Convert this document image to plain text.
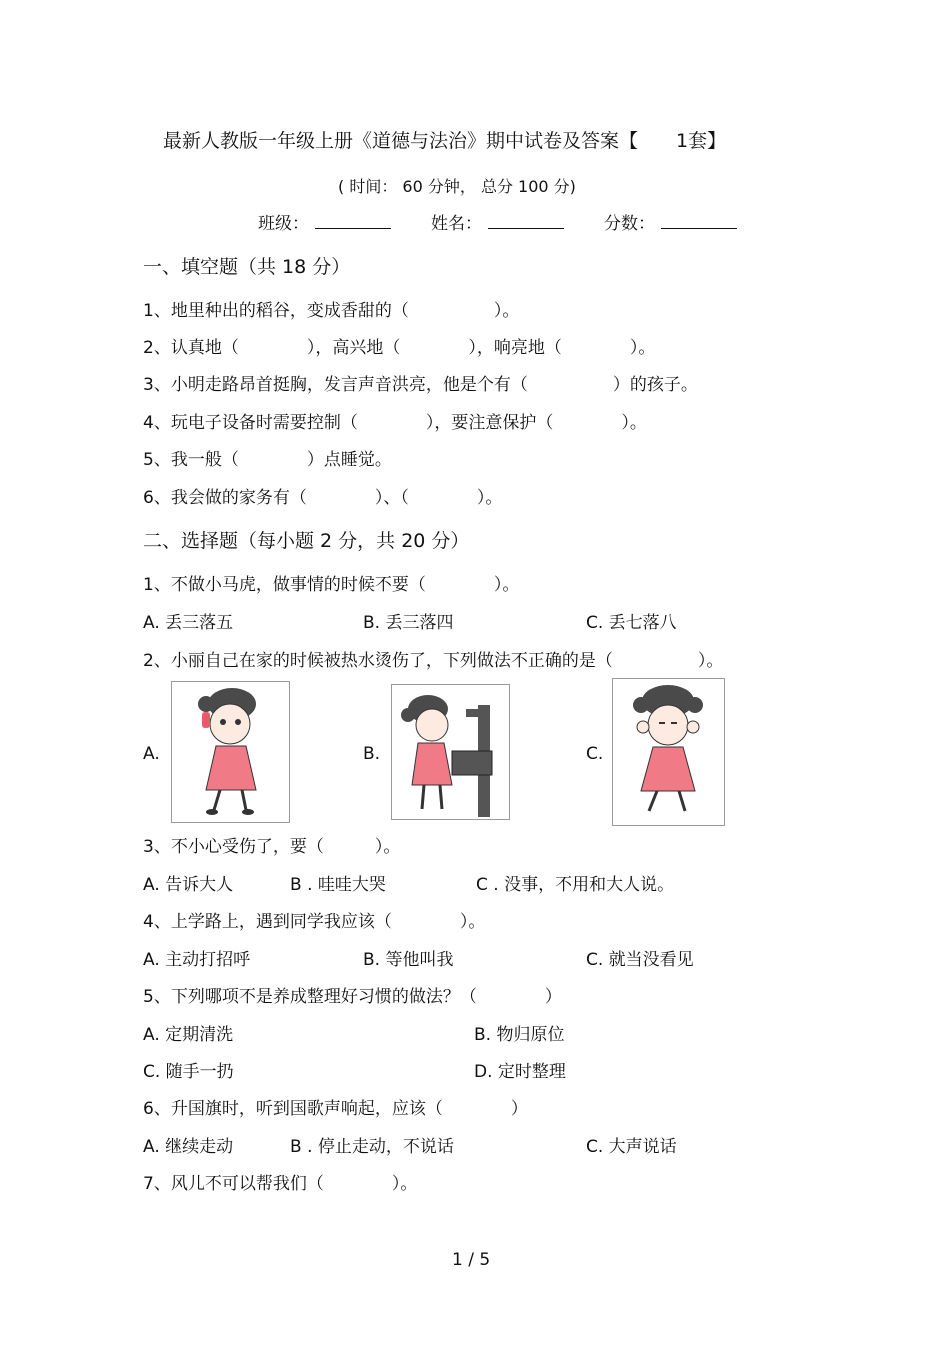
最新人教版一年级上册《道德与法治》期中试卷及答案【　　1套】
( 时间： 60 分钟， 总分 100 分)
班级：	姓名：	分数：
一、填空题（共 18 分）
1、地里种出的稻谷，变成香甜的（　　　　　）。
2、认真地（　　　　），高兴地（　　　　），响亮地（　　　　）。
3、小明走路昂首挺胸，发言声音洪亮，他是个有（　　　　　）的孩子。
4、玩电子设备时需要控制（　　　　），要注意保护（　　　　）。
5、我一般（　　　　）点睡觉。
6、我会做的家务有（　　　　）、（　　　　）。
二、选择题（每小题 2 分，共 20 分）
1、不做小马虎，做事情的时候不要（　　　　）。
A. 丢三落五	B. 丢三落四	C. 丢七落八
2、小丽自己在家的时候被热水烫伤了，下列做法不正确的是（　　　　　）。
A.	B.	C.
3、不小心受伤了，要（　　　）。
A. 告诉大人	B . 哇哇大哭	C . 没事，不用和大人说。
4、上学路上，遇到同学我应该（　　　　）。
A. 主动打招呼	B. 等他叫我	C. 就当没看见
5、下列哪项不是养成整理好习惯的做法？（　　　　）
A. 定期清洗	B. 物归原位
C. 随手一扔	D. 定时整理
6、升国旗时，听到国歌声响起，应该（　　　　）
A. 继续走动	B . 停止走动，不说话	C. 大声说话
7、风儿不可以帮我们（　　　　）。
1 / 5
